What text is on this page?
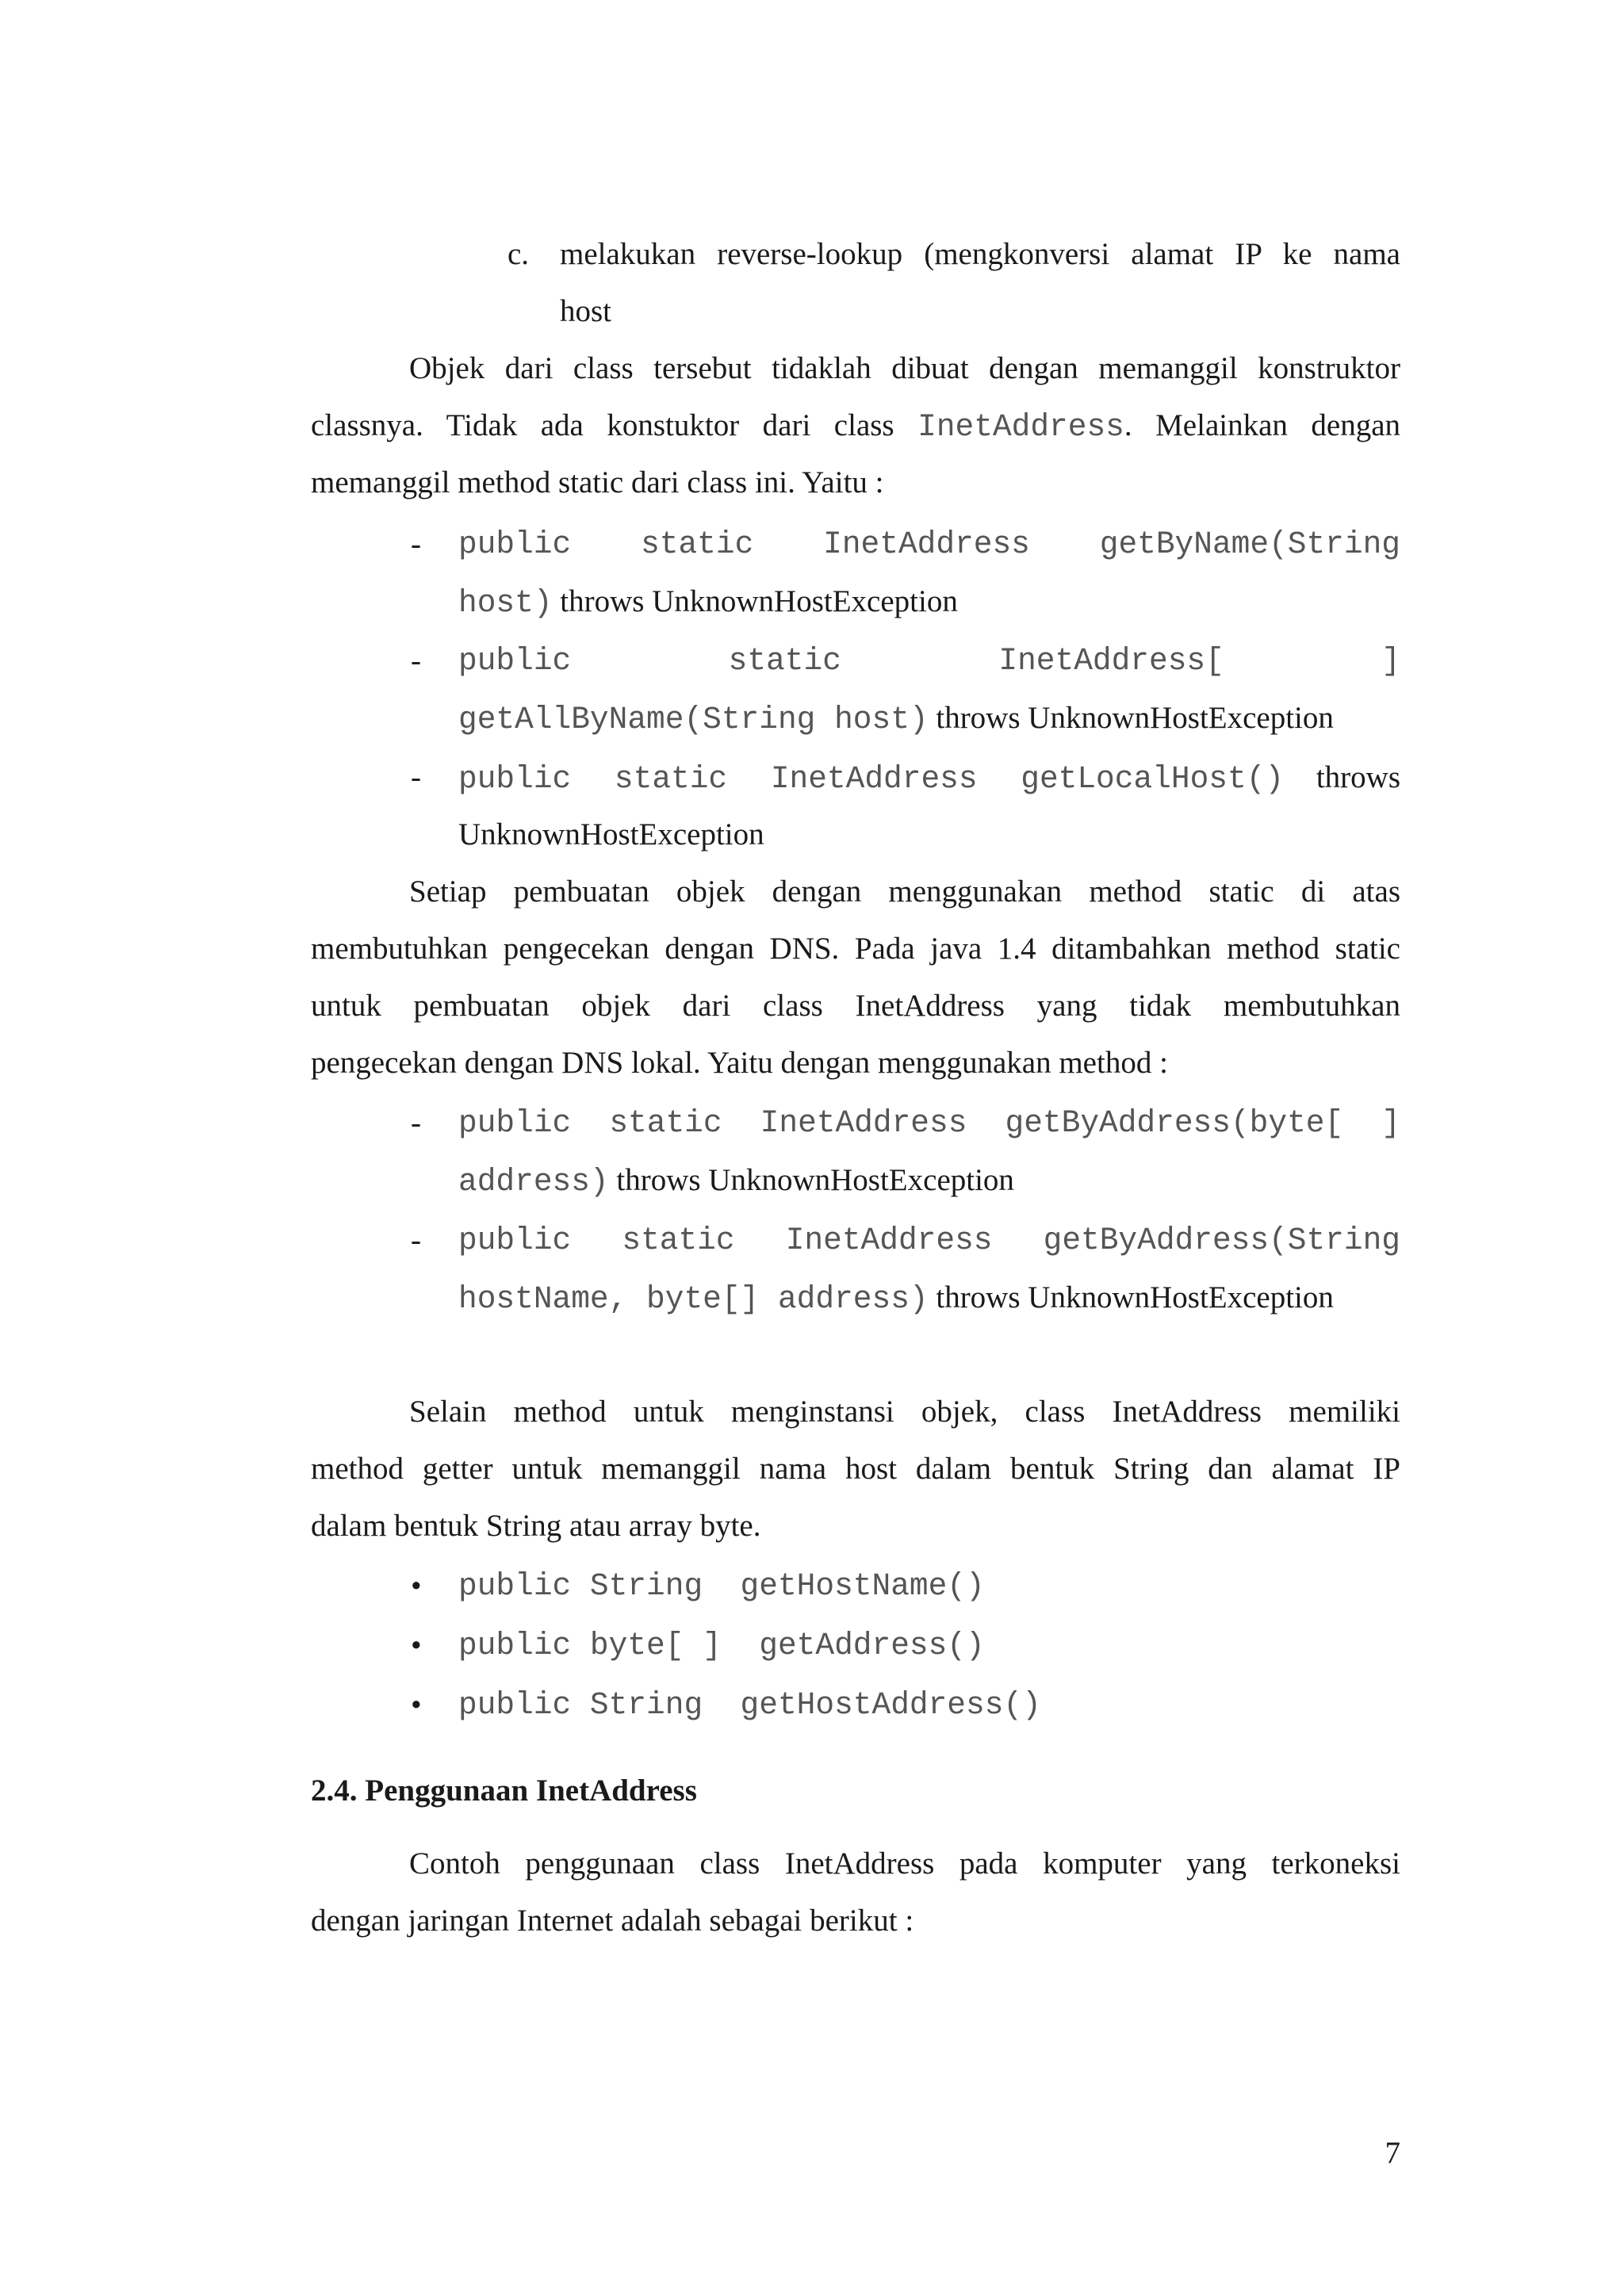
c. melakukan reverse-lookup (mengkonversi alamat IP ke nama
host
Objek dari class tersebut tidaklah dibuat dengan memanggil konstruktor
classnya. Tidak ada konstuktor dari class InetAddress. Melainkan dengan
memanggil method static dari class ini. Yaitu :
-	public static InetAddress getByName(String
host) throws UnknownHostException
-	public static InetAddress[ ]
getAllByName(String host) throws UnknownHostException
-	public static InetAddress getLocalHost() throws
UnknownHostException
Setiap pembuatan objek dengan menggunakan method static di atas
membutuhkan pengecekan dengan DNS. Pada java 1.4 ditambahkan method static
untuk pembuatan objek dari class InetAddress yang tidak membutuhkan
pengecekan dengan DNS lokal. Yaitu dengan menggunakan method :
-	public static InetAddress getByAddress(byte[ ]
address) throws UnknownHostException
-	public static InetAddress getByAddress(String
hostName, byte[] address) throws UnknownHostException
Selain method untuk menginstansi objek, class InetAddress memiliki
method getter untuk memanggil nama host dalam bentuk String dan alamat IP
dalam bentuk String atau array byte.
•	public String  getHostName()
•	public byte[ ]  getAddress()
•	public String  getHostAddress()
2.4. Penggunaan InetAddress
Contoh penggunaan class InetAddress pada komputer yang terkoneksi
dengan jaringan Internet adalah sebagai berikut :
7
